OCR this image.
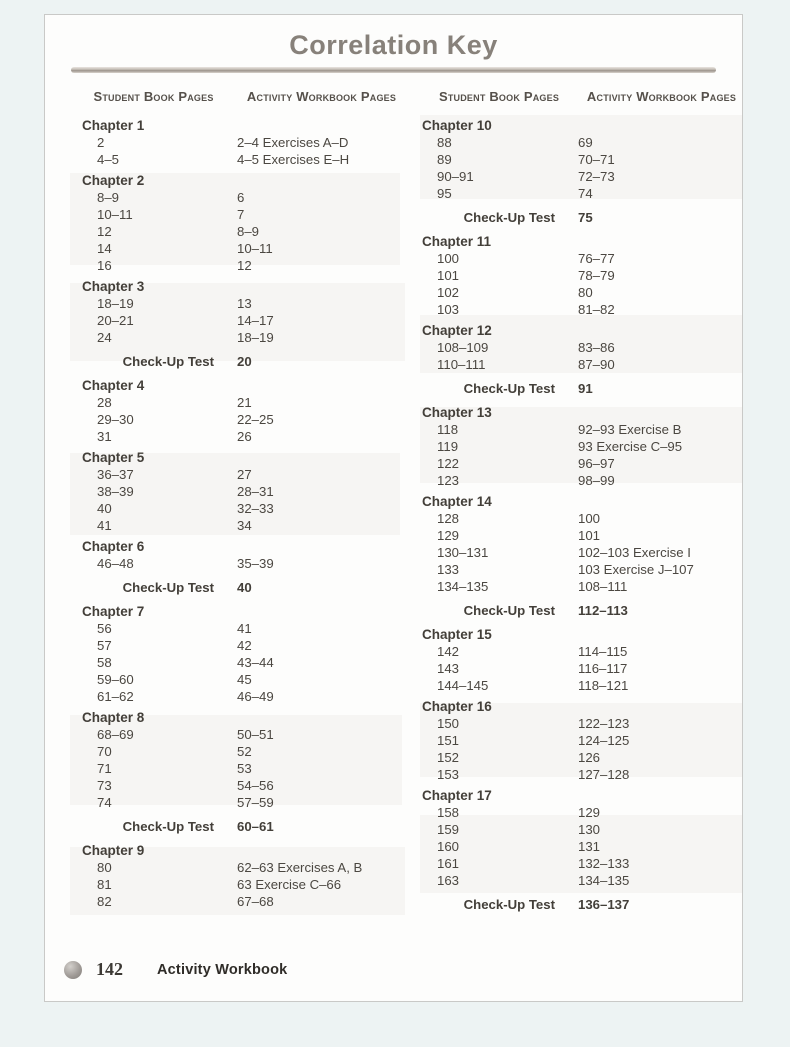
Correlation Key
Student Book Pages	Activity Workbook Pages	Student Book Pages	Activity Workbook Pages
Chapter 1
2	2–4 Exercises A–D
4–5	4–5 Exercises E–H
Chapter 2
8–9	6
10–11	7
12	8–9
14	10–11
16	12
Chapter 3
18–19	13
20–21	14–17
24	18–19
Check-Up Test	20
Chapter 4
28	21
29–30	22–25
31	26
Chapter 5
36–37	27
38–39	28–31
40	32–33
41	34
Chapter 6
46–48	35–39
Check-Up Test	40
Chapter 7
56	41
57	42
58	43–44
59–60	45
61–62	46–49
Chapter 8
68–69	50–51
70	52
71	53
73	54–56
74	57–59
Check-Up Test	60–61
Chapter 9
80	62–63 Exercises A, B
81	63 Exercise C–66
82	67–68
Chapter 10
88	69
89	70–71
90–91	72–73
95	74
Check-Up Test	75
Chapter 11
100	76–77
101	78–79
102	80
103	81–82
Chapter 12
108–109	83–86
110–111	87–90
Check-Up Test	91
Chapter 13
118	92–93 Exercise B
119	93 Exercise C–95
122	96–97
123	98–99
Chapter 14
128	100
129	101
130–131	102–103 Exercise I
133	103 Exercise J–107
134–135	108–111
Check-Up Test	112–113
Chapter 15
142	114–115
143	116–117
144–145	118–121
Chapter 16
150	122–123
151	124–125
152	126
153	127–128
Chapter 17
158	129
159	130
160	131
161	132–133
163	134–135
Check-Up Test	136–137
142 Activity Workbook
